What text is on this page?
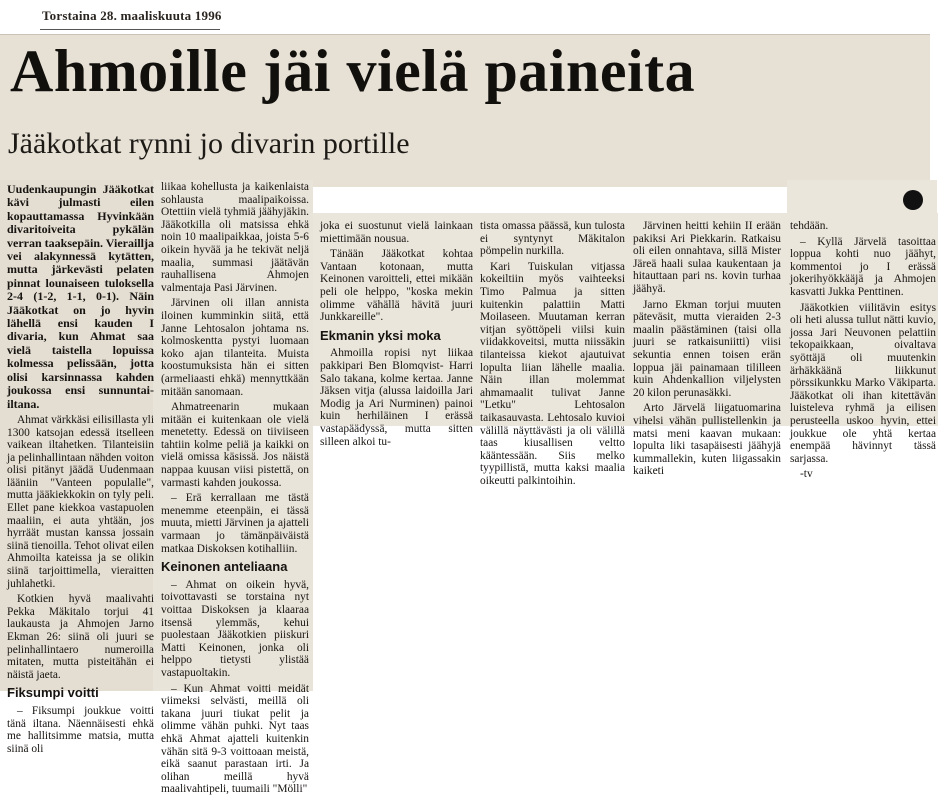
Torstaina 28. maaliskuuta 1996
Ahmoille jäi vielä paineita
Jääkotkat rynni jo divarin portille

Uudenkaupungin Jääkotkat kävi julmasti eilen kopauttamassa Hyvinkään divaritoiveita pykälän verran taaksepäin. Vieraillja vei alakynnessä kytätten, mutta järkevästi pelaten pinnat lounaiseen tuloksella 2-4 (1-2, 1-1, 0-1). Näin Jääkotkat on jo hyvin lähellä ensi kauden I divaria, kun Ahmat saa vielä taistella lopuissa kolmessa pelissään, jotta olisi karsinnassa kahden joukossa ensi sunnuntai-iltana.

Ahmat värkkäsi eilisillasta yli 1300 katsojan edessä itselleen vaikean iltahetken. Tilanteisiin ja pelinhallintaan nähden voiton olisi pitänyt jäädä Uudenmaan lääniin "Vanteen populalle", mutta jääkiekkokin on tyly peli. Ellet pane kiekkoa vastapuolen maaliin, ei auta yhtään, jos hyrräät mustan kanssa jossain siinä tienoilla. Tehot olivat eilen Ahmoilta kateissa ja se olikin siinä tarjoittimella, vieraitten juhlahetki.

Kotkien hyvä maalivahti Pekka Mäkitalo torjui 41 laukausta ja Ahmojen Jarno Ekman 26: siinä oli juuri se pelinhallintaero numeroilla mitaten, mutta pisteitähän ei näistä jaeta.

Fiksumpi voitti

– Fiksumpi joukkue voitti tänä iltana. Näennäisesti ehkä me hallitsimme matsia, mutta siinä oli

liikaa kohellusta ja kaikenlaista sohlausta maalipaikoissa. Otettiin vielä tyhmiä jäähyjäkin. Jääkotkilla oli matsissa ehkä noin 10 maalipaikkaa, joista 5-6 oikein hyvää ja he tekivät neljä maalia, summasi jäätävän rauhallisena Ahmojen valmentaja Pasi Järvinen.

Järvinen oli illan annista iloinen kumminkin siitä, että Janne Lehtosalon johtama ns. kolmoskentta pystyi luomaan koko ajan tilanteita. Muista koostumuksista hän ei sitten (armeliaasti ehkä) mennyttkään mitään sanomaan.

Ahmatreenarin mukaan mitään ei kuitenkaan ole vielä menetetty. Edessä on tiiviiseen tahtiin kolme peliä ja kaikki on vielä omissa käsissä. Jos näistä nappaa kuusan viisi pistettä, on varmasti kahden joukossa.

– Erä kerrallaan me tästä menemme eteenpäin, ei tässä muuta, mietti Järvinen ja ajatteli varmaan jo tämänpäiväistä matkaa Diskoksen kotihalliin.

Keinonen anteliaana

– Ahmat on oikein hyvä, toivottavasti se torstaina nyt voittaa Diskoksen ja klaaraa itsensä ylemmäs, kehui puolestaan Jääkotkien piiskuri Matti Keinonen, jonka oli helppo tietysti ylistää vastapuoltakin.

– Kun Ahmat voitti meidät viimeksi selvästi, meillä oli takana juuri tiukat pelit ja olimme vähän puhki. Nyt taas ehkä Ahmat ajatteli kuitenkin vähän sitä 9-3 voittoaan meistä, eikä saanut parastaan irti. Ja olihan meillä hyvä maalivahtipeli, tuumaili "Mölli"

joka ei suostunut vielä lainkaan miettimään nousua.

Tänään Jääkotkat kohtaa Vantaan kotonaan, mutta Keinonen varoitteli, ettei mikään peli ole helppo, "koska mekin olimme vähällä hävitä juuri Junkkareille".

Ekmanin yksi moka

Ahmoilla ropisi nyt liikaa pakkipari Ben Blomqvist- Harri Salo takana, kolme kertaa. Janne Jäksen vitja (alussa laidoilla Jari Modig ja Ari Nurminen) painoi kuin herhiläinen I erässä vastapäädyssä, mutta sitten silleen alkoi tu-

tista omassa päässä, kun tulosta ei syntynyt Mäkitalon pömpelin nurkilla.

Kari Tuiskulan vitjassa kokeiltiin myös vaihteeksi Timo Palmua ja sitten kuitenkin palattiin Matti Moilaseen. Muutaman kerran vitjan syöttöpeli viilsi kuin viidakkoveitsi, mutta niissäkin tilanteissa kiekot ajautuivat lopulta liian lähelle maalia. Näin illan molemmat ahmamaalit tulivat Janne "Letku" Lehtosalon taikasauvasta. Lehtosalo kuvioi välillä näyttävästi ja oli välillä taas kiusallisen veltto kääntessään. Siis melko tyypillistä, mutta kaksi maalia oikeutti palkintoihin.

Järvinen heitti kehiin II erään pakiksi Ari Piekkarin. Ratkaisu oli eilen onnahtava, sillä Mister Järeä haali sulaa kaukentaan ja hitauttaan pari ns. kovin turhaa jäähyä.

Jarno Ekman torjui muuten päteväsit, mutta vieraiden 2-3 maalin päästäminen (taisi olla juuri se ratkaisuniitti) viisi sekuntia ennen toisen erän loppua jäi painamaan tililleen kuin Ahdenkallion viljelysten 20 kilon perunasäkki.

Arto Järvelä liigatuomarina vihelsi vähän pullistellenkin ja matsi meni kaavan mukaan: lopulta liki tasapäisesti jäähyjä kummallekin, kuten liigassakin kaiketi

tehdään.

– Kyllä Järvelä tasoittaa loppua kohti nuo jäähyt, kommentoi jo I erässä jokerihyökkääjä ja Ahmojen kasvatti Jukka Penttinen.

Jääkotkien viilitävin esitys oli heti alussa tullut nätti kuvio, jossa Jari Neuvonen pelattiin tekopaikkaan, oivaltava syöttäjä oli muutenkin ärhäkkäänä liikkunut pörssikunkku Marko Väkiparta. Jääkotkat oli ihan kitettävän luisteleva ryhmä ja eilisen perusteella uskoo hyvin, ettei joukkue ole yhtä kertaa enempää hävinnyt tässä sarjassa.

-tv
